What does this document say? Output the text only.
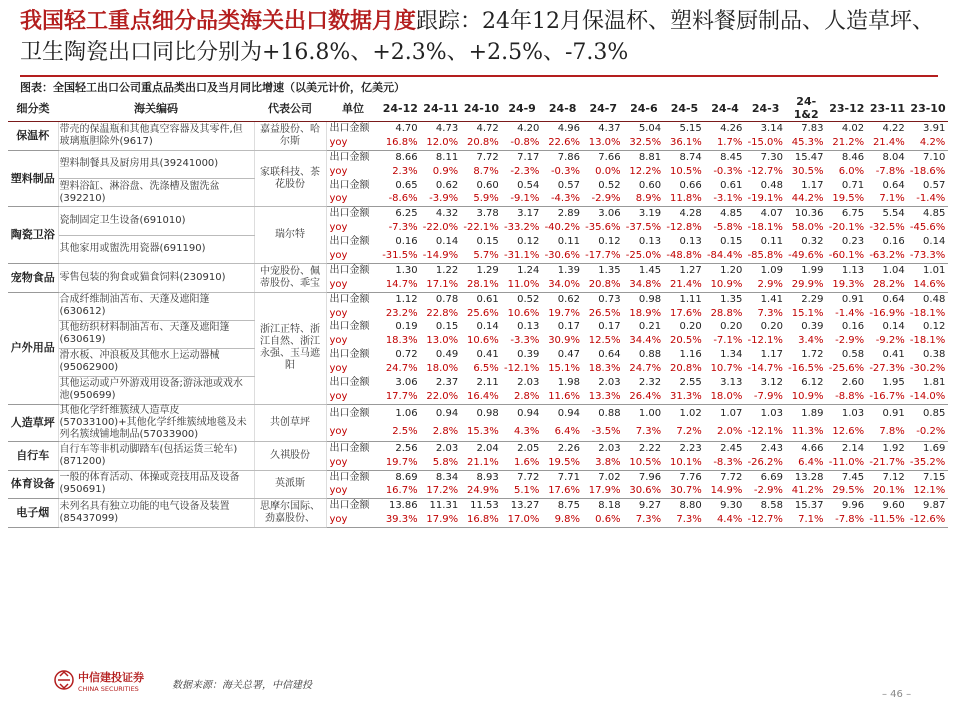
我国轻工重点细分品类海关出口数据月度跟踪：24年12月保温杯、塑料餐厨制品、人造草坪、卫生陶瓷出口同比分别为+16.8%、+2.3%、+2.5%、-7.3%
图表：全国轻工出口公司重点品类出口及当月同比增速（以美元计价，亿美元）
细分类	海关编码	代表公司	单位	24-12	24-11	24-10	24-9	24-8	24-7	24-6	24-5	24-4	24-3	24-1&2	23-12	23-11	23-10
保温杯	带壳的保温瓶和其他真空容器及其零件,但玻璃瓶胆除外(9617)	嘉益股份、哈尔斯	出口金额	4.70	4.73	4.72	4.20	4.96	4.37	5.04	5.15	4.26	3.14	7.83	4.02	4.22	3.91
			yoy	16.8%	12.0%	20.8%	-0.8%	22.6%	13.0%	32.5%	36.1%	1.7%	-15.0%	45.3%	21.2%	21.4%	4.2%
塑料制品	塑料制餐具及厨房用具(39241000)	家联科技、茶花股份	出口金额	8.66	8.11	7.72	7.17	7.86	7.66	8.81	8.74	8.45	7.30	15.47	8.46	8.04	7.10
			yoy	2.3%	0.9%	8.7%	-2.3%	-0.3%	0.0%	12.2%	10.5%	-0.3%	-12.7%	30.5%	6.0%	-7.8%	-18.6%
	塑料浴缸、淋浴盘、洗涤槽及盥洗盆(392210)		出口金额	0.65	0.62	0.60	0.54	0.57	0.52	0.60	0.66	0.61	0.48	1.17	0.71	0.64	0.57
			yoy	-8.6%	-3.9%	5.9%	-9.1%	-4.3%	-2.9%	8.9%	11.8%	-3.1%	-19.1%	44.2%	19.5%	7.1%	-1.4%
陶瓷卫浴	瓷制固定卫生设备(691010)	瑞尔特	出口金额	6.25	4.32	3.78	3.17	2.89	3.06	3.19	4.28	4.85	4.07	10.36	6.75	5.54	4.85
			yoy	-7.3%	-22.0%	-22.1%	-33.2%	-40.2%	-35.6%	-37.5%	-12.8%	-5.8%	-18.1%	58.0%	-20.1%	-32.5%	-45.6%
	其他家用或盥洗用瓷器(691190)		出口金额	0.16	0.14	0.15	0.12	0.11	0.12	0.13	0.13	0.15	0.11	0.32	0.23	0.16	0.14
			yoy	-31.5%	-14.9%	5.7%	-31.1%	-30.6%	-17.7%	-25.0%	-48.8%	-84.4%	-85.8%	-49.6%	-60.1%	-63.2%	-73.3%
宠物食品	零售包装的狗食或猫食饲料(230910)	中宠股份、佩蒂股份、乖宝	出口金额	1.30	1.22	1.29	1.24	1.39	1.35	1.45	1.27	1.20	1.09	1.99	1.13	1.04	1.01
			yoy	14.7%	17.1%	28.1%	11.0%	34.0%	20.8%	34.8%	21.4%	10.9%	2.9%	29.9%	19.3%	28.2%	14.6%
户外用品	合成纤维制油苫布、天蓬及遮阳篷(630612)	浙江正特、浙江自然、浙江永强、玉马遮阳	出口金额	1.12	0.78	0.61	0.52	0.62	0.73	0.98	1.11	1.35	1.41	2.29	0.91	0.64	0.48
			yoy	23.2%	22.8%	25.6%	10.6%	19.7%	26.5%	18.9%	17.6%	28.8%	7.3%	15.1%	-1.4%	-16.9%	-18.1%
	其他纺织材料制油苫布、天蓬及遮阳篷(630619)		出口金额	0.19	0.15	0.14	0.13	0.17	0.17	0.21	0.20	0.20	0.20	0.39	0.16	0.14	0.12
			yoy	18.3%	13.0%	10.6%	-3.3%	30.9%	12.5%	34.4%	20.5%	-7.1%	-12.1%	3.4%	-2.9%	-9.2%	-18.1%
	滑水板、冲浪板及其他水上运动器械(95062900)		出口金额	0.72	0.49	0.41	0.39	0.47	0.64	0.88	1.16	1.34	1.17	1.72	0.58	0.41	0.38
			yoy	24.7%	18.0%	6.5%	-12.1%	15.1%	18.3%	24.7%	20.8%	10.7%	-14.7%	-16.5%	-25.6%	-27.3%	-30.2%
	其他运动或户外游戏用设备;游泳池或戏水池(950699)		出口金额	3.06	2.37	2.11	2.03	1.98	2.03	2.32	2.55	3.13	3.12	6.12	2.60	1.95	1.81
			yoy	17.7%	22.0%	16.4%	2.8%	11.6%	13.3%	26.4%	31.3%	18.0%	-7.9%	10.9%	-8.8%	-16.7%	-14.0%
人造草坪	其他化学纤维簇绒人造草皮(57033100)+其他化学纤维簇绒地毯及未列名簇绒铺地制品(57033900)	共创草坪	出口金额	1.06	0.94	0.98	0.94	0.94	0.88	1.00	1.02	1.07	1.03	1.89	1.03	0.91	0.85
			yoy	2.5%	2.8%	15.3%	4.3%	6.4%	-3.5%	7.3%	7.2%	2.0%	-12.1%	11.3%	12.6%	7.8%	-0.2%
自行车	自行车等非机动脚踏车(包括运货三轮车)(871200)	久祺股份	出口金额	2.56	2.03	2.04	2.05	2.26	2.03	2.22	2.23	2.45	2.43	4.66	2.14	1.92	1.69
			yoy	19.7%	5.8%	21.1%	1.6%	19.5%	3.8%	10.5%	10.1%	-8.3%	-26.2%	6.4%	-11.0%	-21.7%	-35.2%
体育设备	一般的体育活动、体操或竞技用品及设备(950691)	英派斯	出口金额	8.69	8.34	8.93	7.72	7.71	7.02	7.96	7.76	7.72	6.69	13.28	7.45	7.12	7.15
			yoy	16.7%	17.2%	24.9%	5.1%	17.6%	17.9%	30.6%	30.7%	14.9%	-2.9%	41.2%	29.5%	20.1%	12.1%
电子烟	未列名具有独立功能的电气设备及装置(85437099)	思摩尔国际、劲嘉股份、	出口金额	13.86	11.31	11.53	13.27	8.75	8.18	9.27	8.80	9.30	8.58	15.37	9.96	9.60	9.87
			yoy	39.3%	17.9%	16.8%	17.0%	9.8%	0.6%	7.3%	7.3%	4.4%	-12.7%	7.1%	-7.8%	-11.5%	-12.6%
中信建投证券
CHINA SECURITIES	数据来源：海关总署，中信建投
– 46 –
